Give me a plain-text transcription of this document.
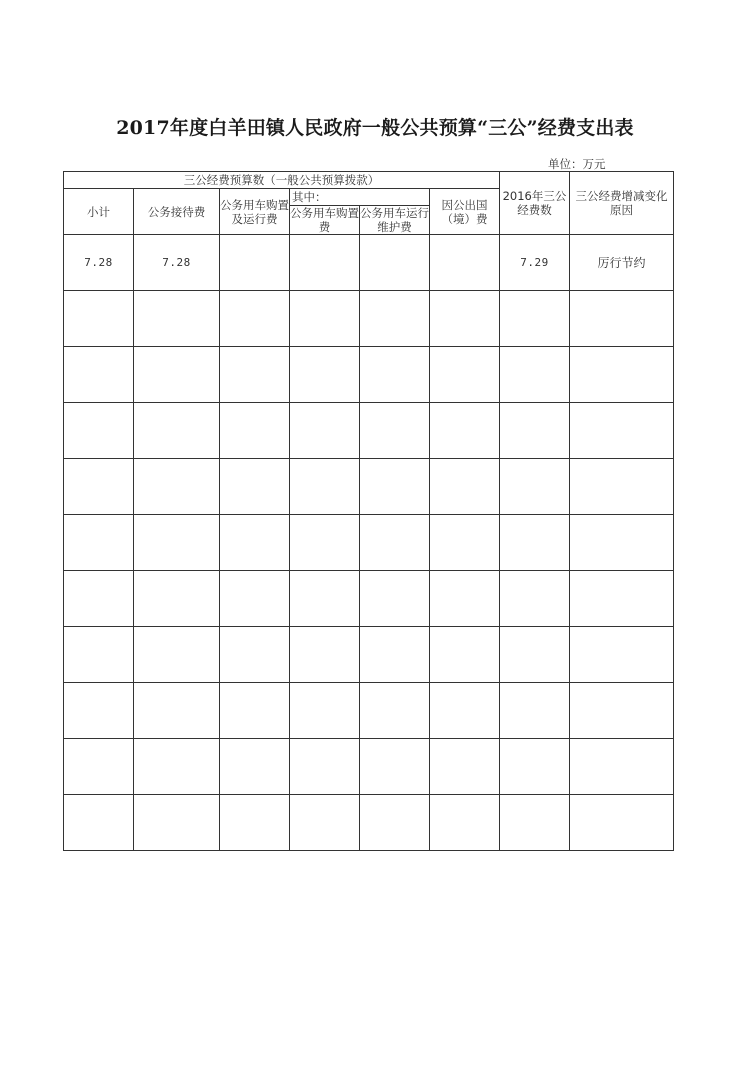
2017年度白羊田镇人民政府一般公共预算“三公”经费支出表
单位：万元
三公经费预算数（一般公共预算拨款）						2016年三公经费数	三公经费增减变化原因
小计	公务接待费	公务用车购置及运行费	其中：		因公出国（境）费		
			公务用车购置费	公务用车运行维护费			
7.28	7.28					7.29	厉行节约
